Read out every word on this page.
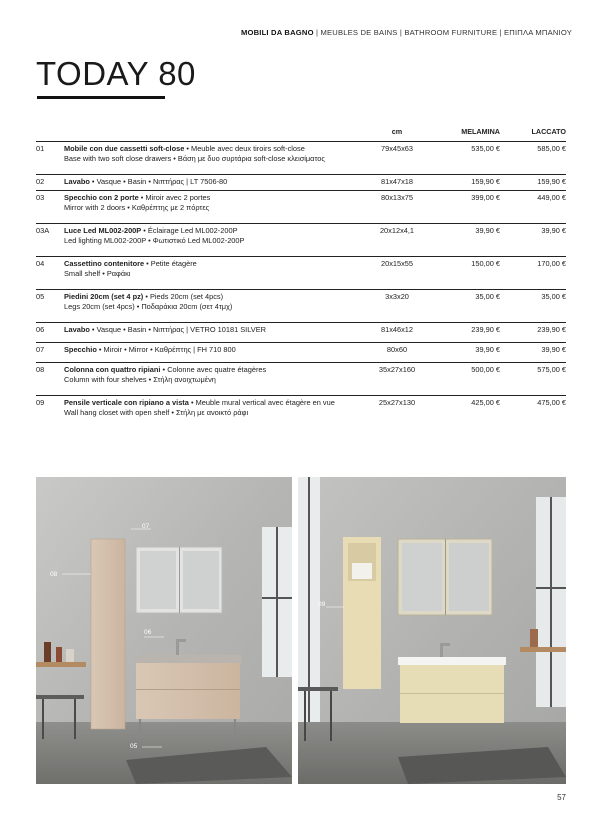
MOBILI DA BAGNO | MEUBLES DE BAINS | BATHROOM FURNITURE | ΕΠΙΠΛΑ ΜΠΑΝΙΟΥ
TODAY 80
		cm	MELAMINA	LACCATO
01	Mobile con due cassetti soft-close • Meuble avec deux tiroirs soft-close
Base with two soft close drawers • Βάση με δυο συρτάρια soft-close κλεισίματος	79x45x63	535,00 €	585,00 €
02	Lavabo • Vasque • Basin • Νιπτήρας | LT 7506-80	81x47x18	159,90 €	159,90 €
03	Specchio con 2 porte • Miroir avec 2 portes
Mirror with 2 doors • Καθρέπτης με 2 πόρτες	80x13x75	399,00 €	449,00 €
03A	Luce Led ML002-200P • Éclairage Led ML002-200P
Led lighting ML002-200P • Φωτιστικό Led ML002-200P	20x12x4,1	39,90 €	39,90 €
04	Cassettino contenitore • Petite étagère
Small shelf • Ραφάκι	20x15x55	150,00 €	170,00 €
05	Piedini 20cm (set 4 pz) • Pieds 20cm (set 4pcs)
Legs 20cm (set 4pcs) • Ποδαράκια 20cm (σετ 4τμχ)	3x3x20	35,00 €	35,00 €
06	Lavabo • Vasque • Basin • Νιπτήρας | VETRO 10181 SILVER	81x46x12	239,90 €	239,90 €
07	Specchio • Miroir • Mirror • Καθρέπτης | FH 710 800	80x60	39,90 €	39,90 €
08	Colonna con quattro ripiani • Colonne avec quatre étagères
Column with four shelves • Στήλη ανοιχτωμένη	35x27x160	500,00 €	575,00 €
09	Pensile verticale con ripiano a vista • Meuble mural vertical avec étagère en vue
Wall hang closet with open shelf • Στήλη με ανοικτό ράφι	25x27x130	425,00 €	475,00 €
07
08
06
05
09
57
